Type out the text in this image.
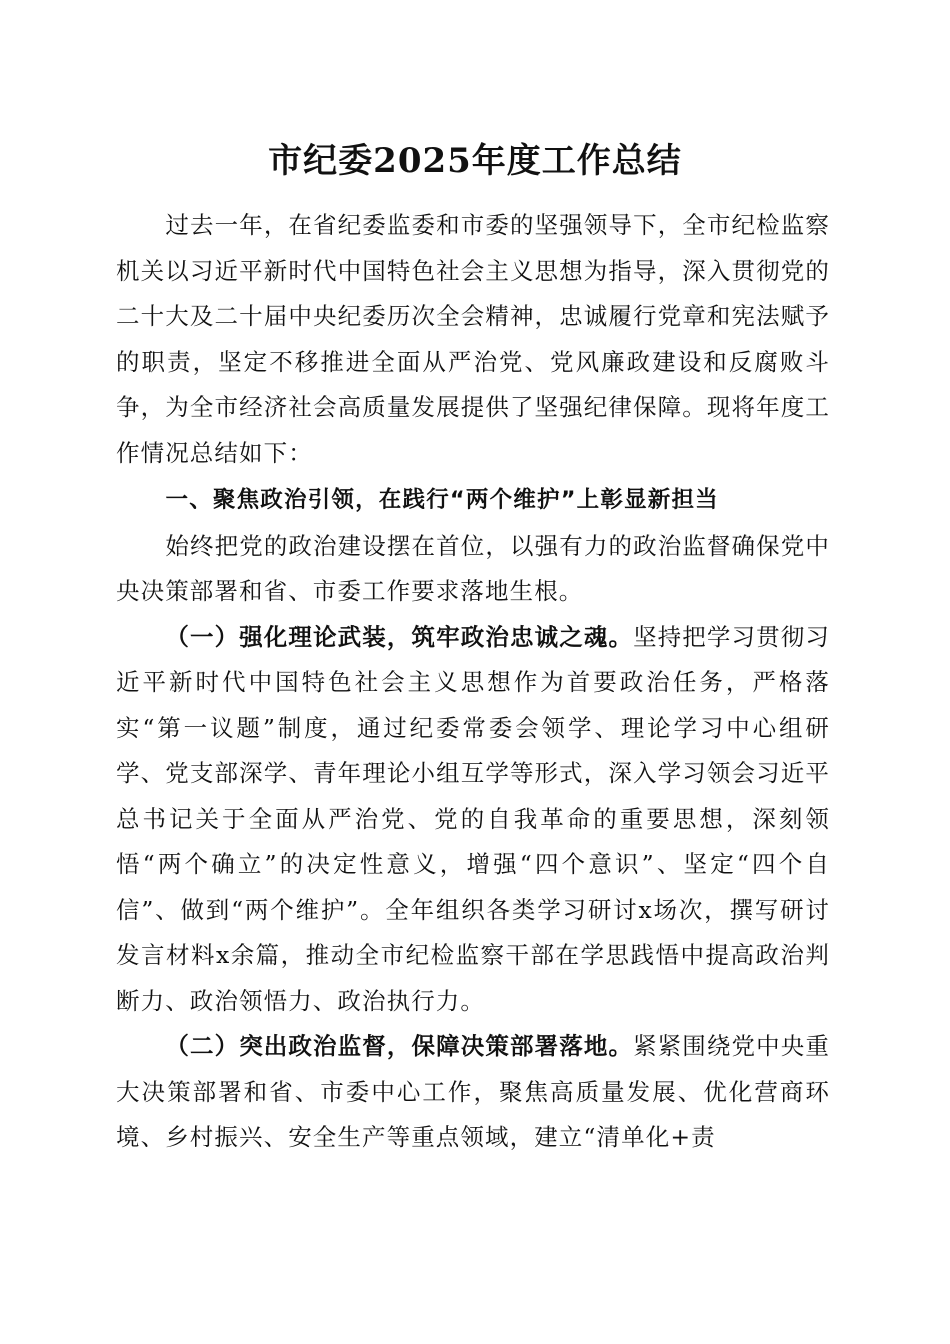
市纪委2025年度工作总结

过去一年，在省纪委监委和市委的坚强领导下，全市纪检监察机关以习近平新时代中国特色社会主义思想为指导，深入贯彻党的二十大及二十届中央纪委历次全会精神，忠诚履行党章和宪法赋予的职责，坚定不移推进全面从严治党、党风廉政建设和反腐败斗争，为全市经济社会高质量发展提供了坚强纪律保障。现将年度工作情况总结如下：

一、聚焦政治引领，在践行“两个维护”上彰显新担当

始终把党的政治建设摆在首位，以强有力的政治监督确保党中央决策部署和省、市委工作要求落地生根。

（一）强化理论武装，筑牢政治忠诚之魂。坚持把学习贯彻习近平新时代中国特色社会主义思想作为首要政治任务，严格落实“第一议题”制度，通过纪委常委会领学、理论学习中心组研学、党支部深学、青年理论小组互学等形式，深入学习领会习近平总书记关于全面从严治党、党的自我革命的重要思想，深刻领悟“两个确立”的决定性意义，增强“四个意识”、坚定“四个自信”、做到“两个维护”。全年组织各类学习研讨x场次，撰写研讨发言材料x余篇，推动全市纪检监察干部在学思践悟中提高政治判断力、政治领悟力、政治执行力。

（二）突出政治监督，保障决策部署落地。紧紧围绕党中央重大决策部署和省、市委中心工作，聚焦高质量发展、优化营商环境、乡村振兴、安全生产等重点领域，建立“清单化+责
